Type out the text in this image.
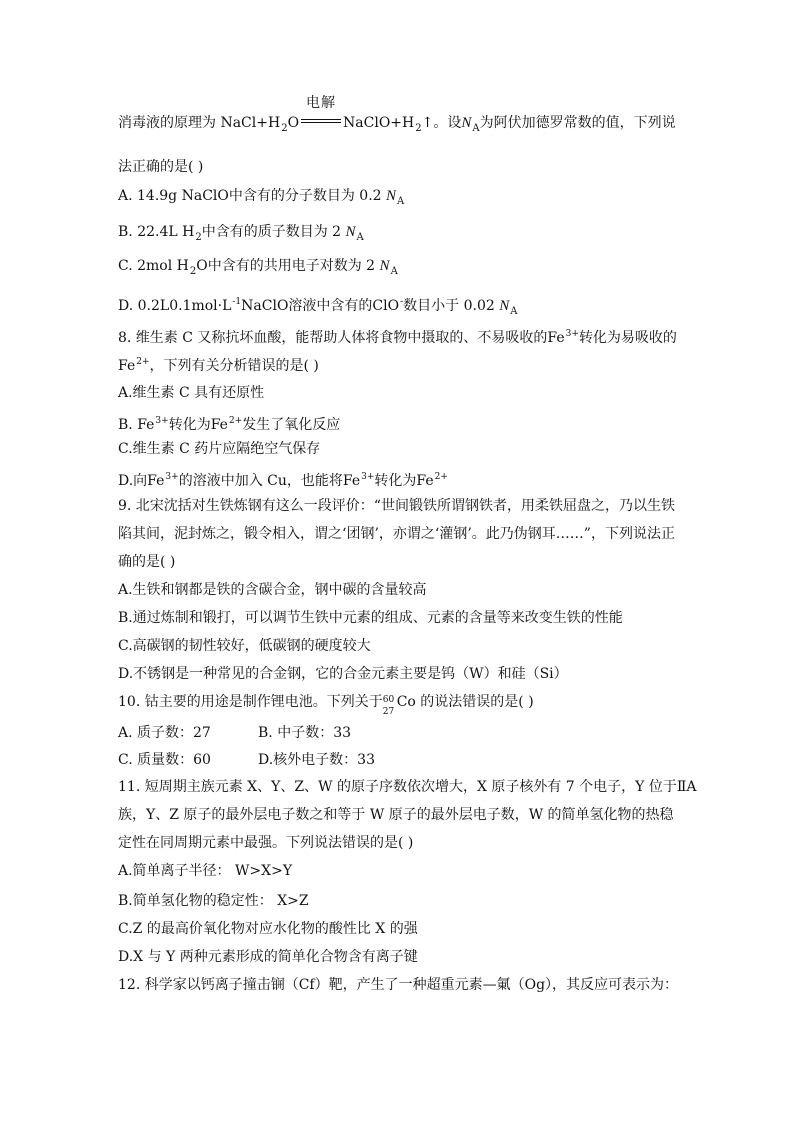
消毒液的原理为 $NaCl+H_2O$
电解
$NaClO+H_2↑$。设$N_A$为阿伏加德罗常数的值，下列说
法正确的是( )
A. 14.9g NaClO中含有的分子数目为 0.2 $N_A$
B. 22.4L $H_2$中含有的质子数目为 2 $N_A$
C. 2mol $H_2O$中含有的共用电子对数为 2 $N_A$
D. $0.2L0.1mol\cdot L^{-1}NaClO$溶液中含有的ClO-数目小于 0.02 $N_A$
8. 维生素 C 又称抗坏血酸，能帮助人体将食物中摄取的、不易吸收的$Fe^{3+}$转化为易吸收的
$Fe^{2+}$，下列有关分析错误的是( )
A.维生素 C 具有还原性
B. $Fe^{3+}$转化为$Fe^{2+}$发生了氧化反应
C.维生素 C 药片应隔绝空气保存
D.向$Fe^{3+}$的溶液中加入 Cu，也能将$Fe^{3+}$转化为$Fe^{2+}$
9. 北宋沈括对生铁炼钢有这么一段评价：“世间锻铁所谓钢铁者，用柔铁屈盘之，乃以生铁
陷其间，泥封炼之，锻令相入，谓之‘团钢’，亦谓之‘灌钢’。此乃伪钢耳……”，下列说法正
确的是( )
A.生铁和钢都是铁的含碳合金，钢中碳的含量较高
B.通过炼制和锻打，可以调节生铁中元素的组成、元素的含量等来改变生铁的性能
C.高碳钢的韧性较好，低碳钢的硬度较大
D.不锈钢是一种常见的合金钢，它的合金元素主要是钨（W）和硅（Si）
10. 钴主要的用途是制作锂电池。下列关于 60
27
Co 的说法错误的是( )
A. 质子数：27	B. 中子数：33
C. 质量数：60	D.核外电子数：33
11. 短周期主族元素 X、Y、Z、W 的原子序数依次增大，X 原子核外有 7 个电子，Y 位于ⅡA
族，Y、Z 原子的最外层电子数之和等于 W 原子的最外层电子数，W 的简单氢化物的热稳
定性在同周期元素中最强。下列说法错误的是( )
A.简单离子半径： W>X>Y
B.简单氢化物的稳定性： X>Z
C.Z 的最高价氧化物对应水化物的酸性比 X 的强
D.X 与 Y 两种元素形成的简单化合物含有离子键
12. 科学家以钙离子撞击锎（Cf）靶，产生了一种超重元素—氭（Og），其反应可表示为：
